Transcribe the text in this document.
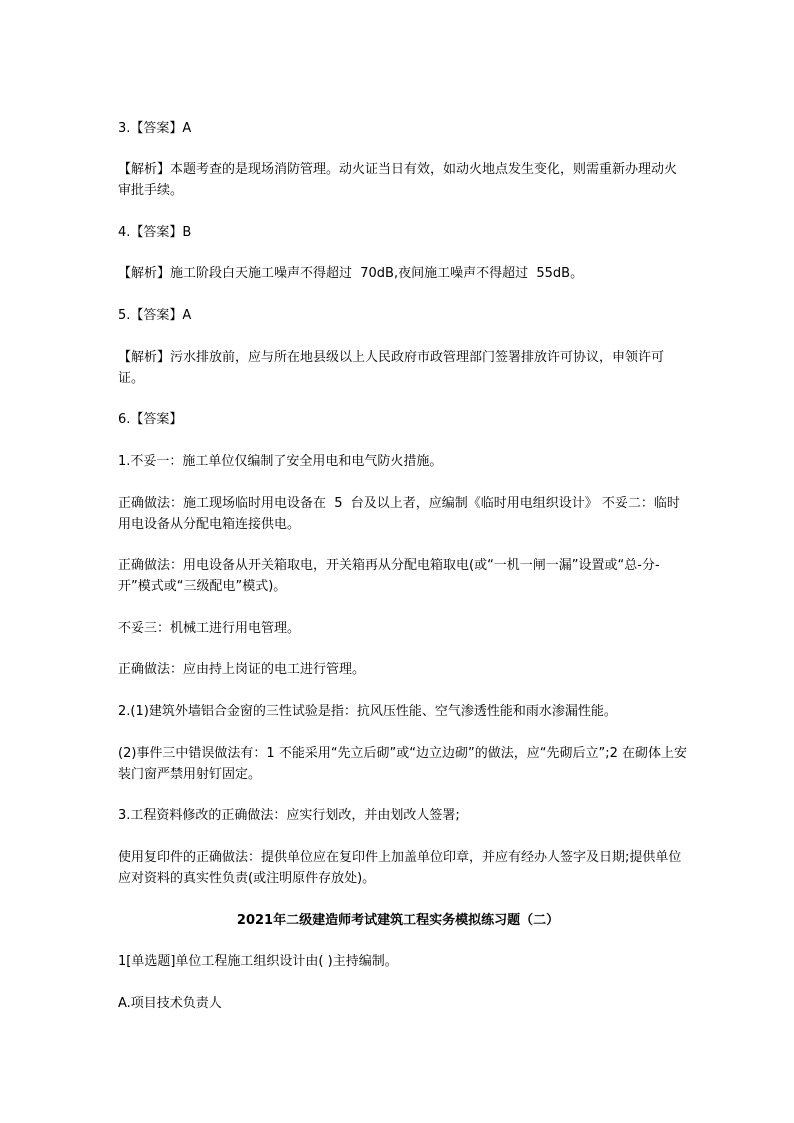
3.【答案】A
【解析】本题考查的是现场消防管理。动火证当日有效，如动火地点发生变化，则需重新办理动火审批手续。
4.【答案】B
【解析】施工阶段白天施工噪声不得超过  70dB,夜间施工噪声不得超过  55dB。
5.【答案】A
【解析】污水排放前，应与所在地县级以上人民政府市政管理部门签署排放许可协议，申领许可证。
6.【答案】
1.不妥一：施工单位仅编制了安全用电和电气防火措施。
正确做法：施工现场临时用电设备在  5  台及以上者，应编制《临时用电组织设计》 不妥二：临时用电设备从分配电箱连接供电。
正确做法：用电设备从开关箱取电，开关箱再从分配电箱取电(或“一机一闸一漏”设置或“总-分-开”模式或“三级配电”模式)。
不妥三：机械工进行用电管理。
正确做法：应由持上岗证的电工进行管理。
2.(1)建筑外墙铝合金窗的三性试验是指：抗风压性能、空气渗透性能和雨水渗漏性能。
(2)事件三中错误做法有：1 不能采用“先立后砌”或“边立边砌”的做法，应“先砌后立”;2 在砌体上安装门窗严禁用射钉固定。
3.工程资料修改的正确做法：应实行划改，并由划改人签署;
使用复印件的正确做法：提供单位应在复印件上加盖单位印章，并应有经办人签字及日期;提供单位应对资料的真实性负责(或注明原件存放处)。
2021年二级建造师考试建筑工程实务模拟练习题（二）
1[单选题]单位工程施工组织设计由( )主持编制。
A.项目技术负责人
